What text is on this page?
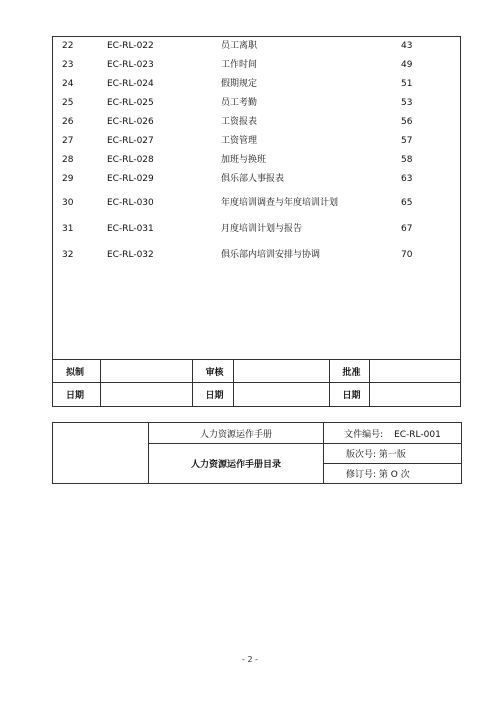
22	EC-RL-022	员工离职	43
23	EC-RL-023	工作时间	49
24	EC-RL-024	假期规定	51
25	EC-RL-025	员工考勤	53
26	EC-RL-026	工资报表	56
27	EC-RL-027	工资管理	57
28	EC-RL-028	加班与换班	58
29	EC-RL-029	俱乐部人事报表	63
30	EC-RL-030	年度培训调查与年度培训计划	65
31	EC-RL-031	月度培训计划与报告	67
32	EC-RL-032	俱乐部内培训安排与协调	70
拟制		审核		批准	
日期		日期		日期	
	人力资源运作手册	文件编号: EC-RL-001
	人力资源运作手册目录	版次号: 第一版
		修订号: 第 O 次
- 2 -
